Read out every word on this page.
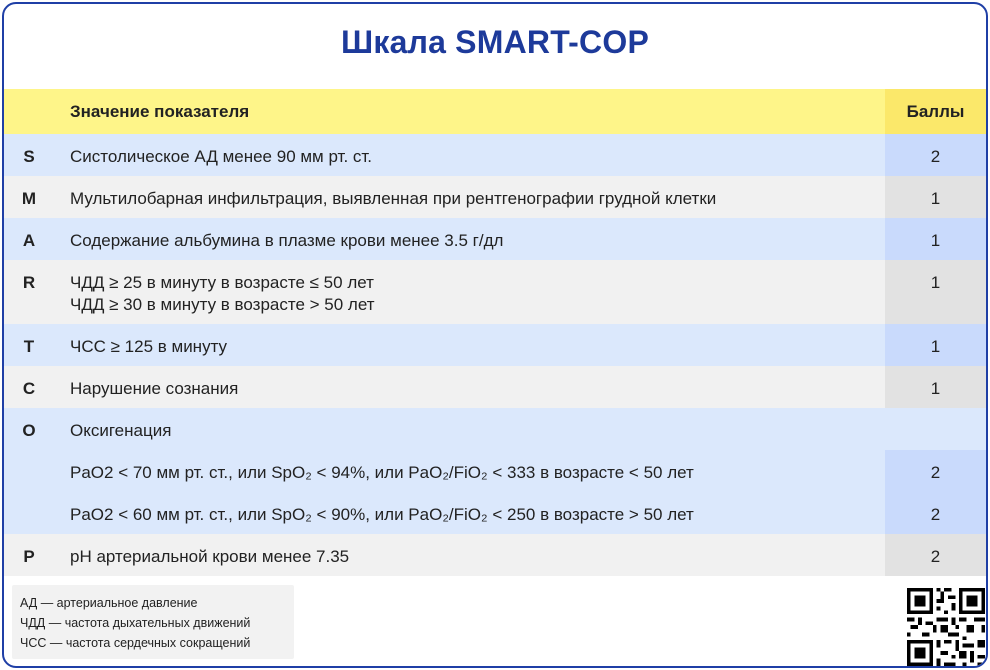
Шкала SMART-COP
	Значение показателя	Баллы

S	Систолическое АД менее 90 мм рт. ст.	2

M	Мультилобарная инфильтрация, выявленная при рентгенографии грудной клетки	1

A	Содержание альбумина в плазме крови менее 3.5 г/дл	1

R	ЧДД ≥ 25 в минуту в возрасте ≤ 50 лет
ЧДД ≥ 30 в минуту в возрасте > 50 лет	1

T	ЧСС ≥ 125 в минуту	1

C	Нарушение сознания	1

O	Оксигенация	

	PaO2 < 70 мм рт. ст., или SpO₂ < 94%, или PaO₂/FiO₂ < 333 в возрасте < 50 лет	2

	PaO2 < 60 мм рт. ст., или SpO₂ < 90%, или PaO₂/FiO₂ < 250 в возрасте > 50 лет	2

P	pH артериальной крови менее 7.35	2
АД — артериальное давление
ЧДД — частота дыхательных движений
ЧСС — частота сердечных сокращений
